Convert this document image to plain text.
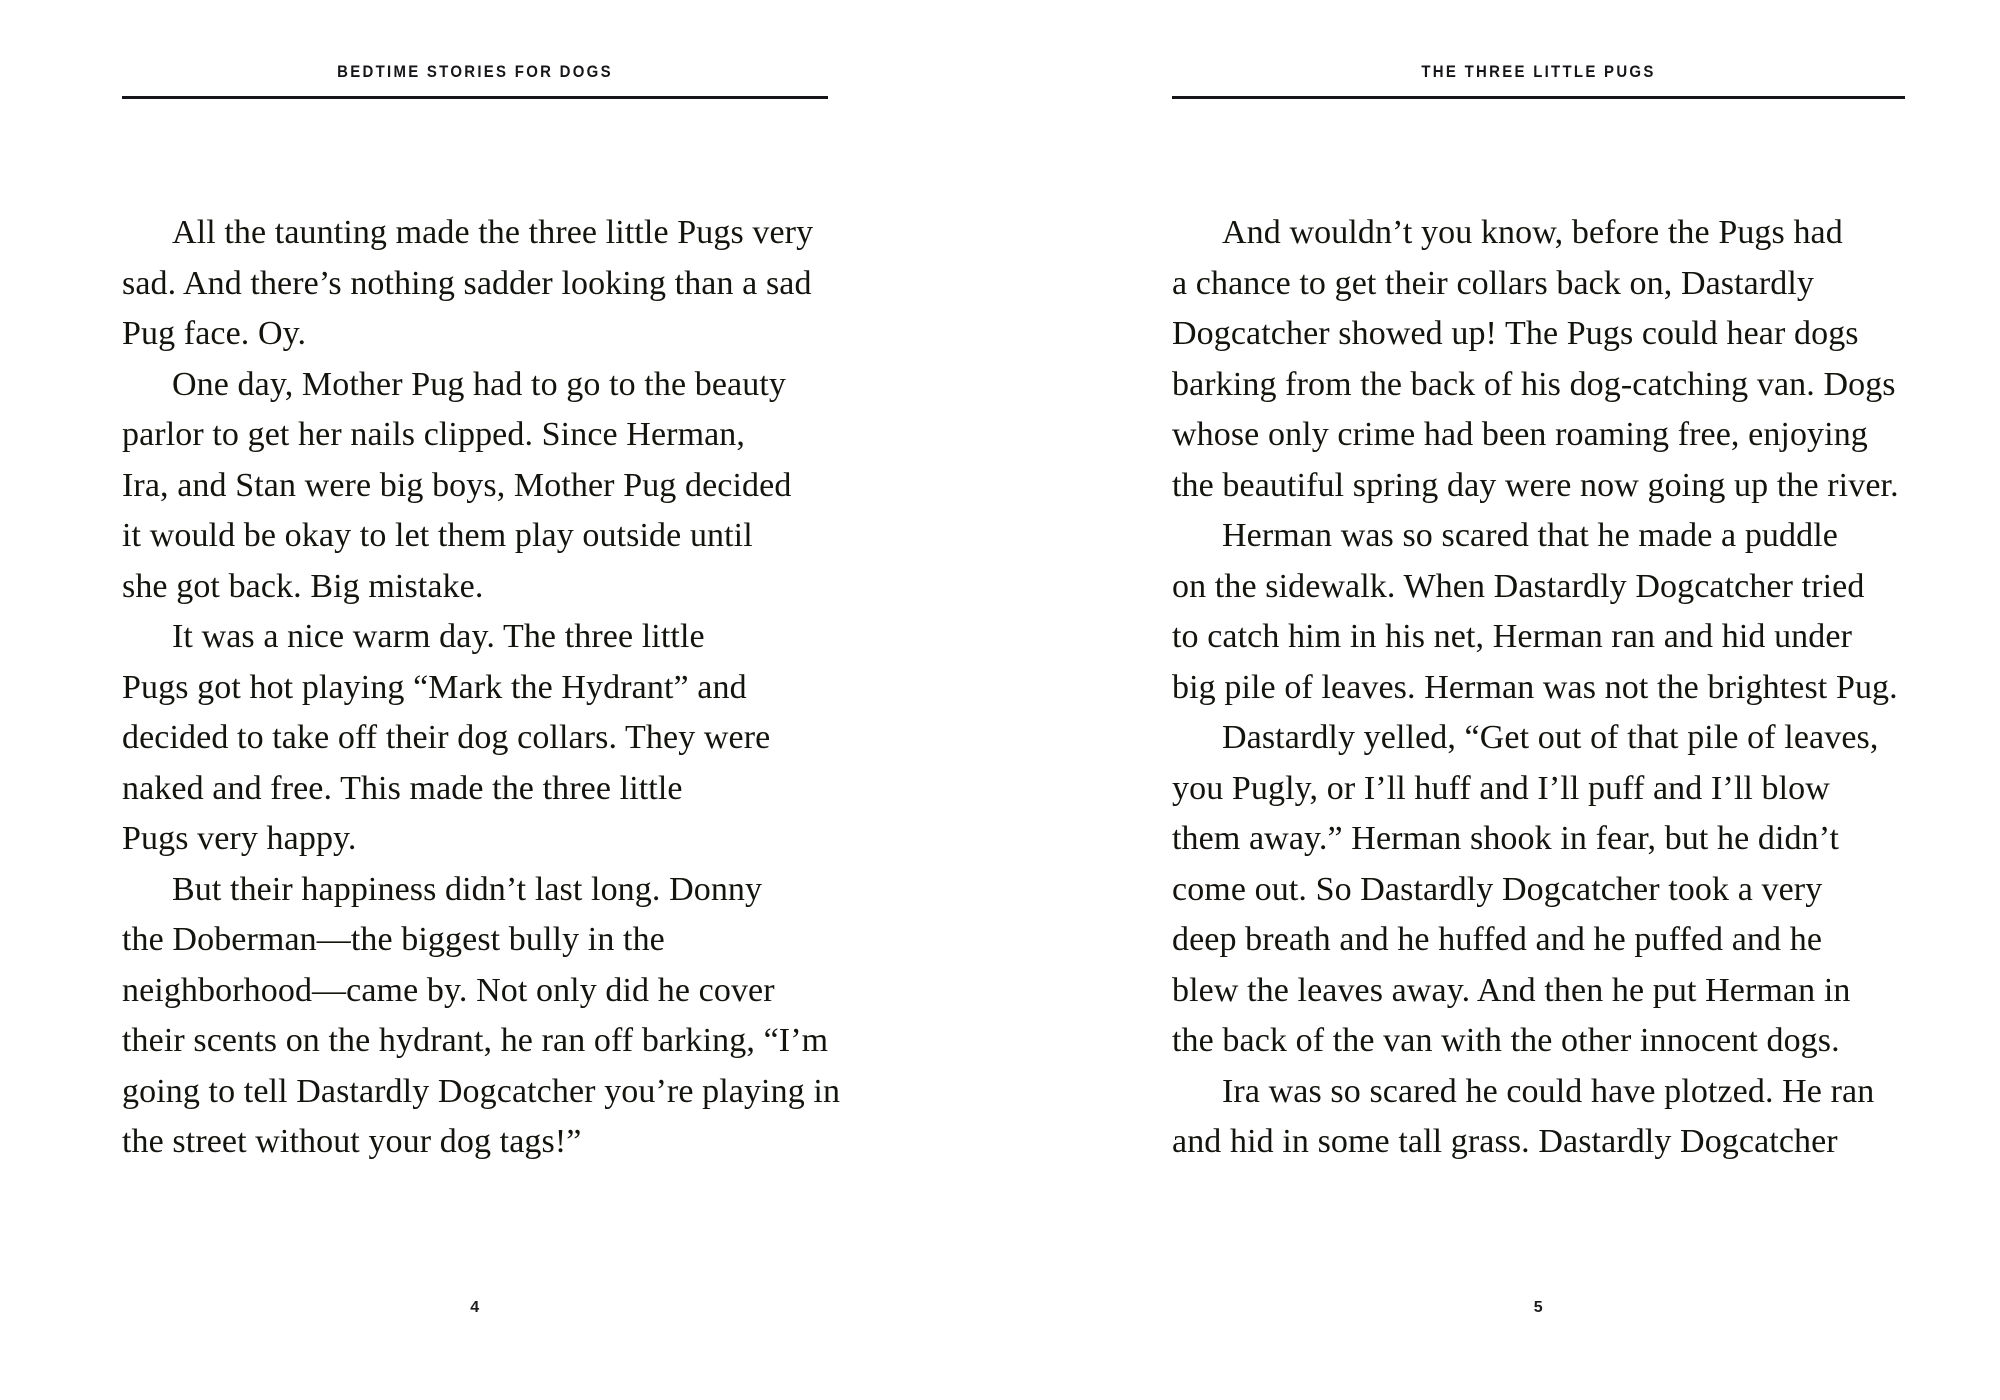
BEDTIME STORIES FOR DOGS

All the taunting made the three little Pugs very
sad. And there’s nothing sadder looking than a sad
Pug face. Oy.

One day, Mother Pug had to go to the beauty
parlor to get her nails clipped. Since Herman,
Ira, and Stan were big boys, Mother Pug decided
it would be okay to let them play outside until
she got back. Big mistake.

It was a nice warm day. The three little
Pugs got hot playing “Mark the Hydrant” and
decided to take off their dog collars. They were
naked and free. This made the three little
Pugs very happy.

But their happiness didn’t last long. Donny
the Doberman—the biggest bully in the
neighborhood—came by. Not only did he cover
their scents on the hydrant, he ran off barking, “I’m
going to tell Dastardly Dogcatcher you’re playing in
the street without your dog tags!”

4
THE THREE LITTLE PUGS

And wouldn’t you know, before the Pugs had
a chance to get their collars back on, Dastardly
Dogcatcher showed up! The Pugs could hear dogs
barking from the back of his dog-catching van. Dogs
whose only crime had been roaming free, enjoying
the beautiful spring day were now going up the river.

Herman was so scared that he made a puddle
on the sidewalk. When Dastardly Dogcatcher tried
to catch him in his net, Herman ran and hid under
big pile of leaves. Herman was not the brightest Pug.

Dastardly yelled, “Get out of that pile of leaves,
you Pugly, or I’ll huff and I’ll puff and I’ll blow
them away.” Herman shook in fear, but he didn’t
come out. So Dastardly Dogcatcher took a very
deep breath and he huffed and he puffed and he
blew the leaves away. And then he put Herman in
the back of the van with the other innocent dogs.

Ira was so scared he could have plotzed. He ran
and hid in some tall grass. Dastardly Dogcatcher

5
